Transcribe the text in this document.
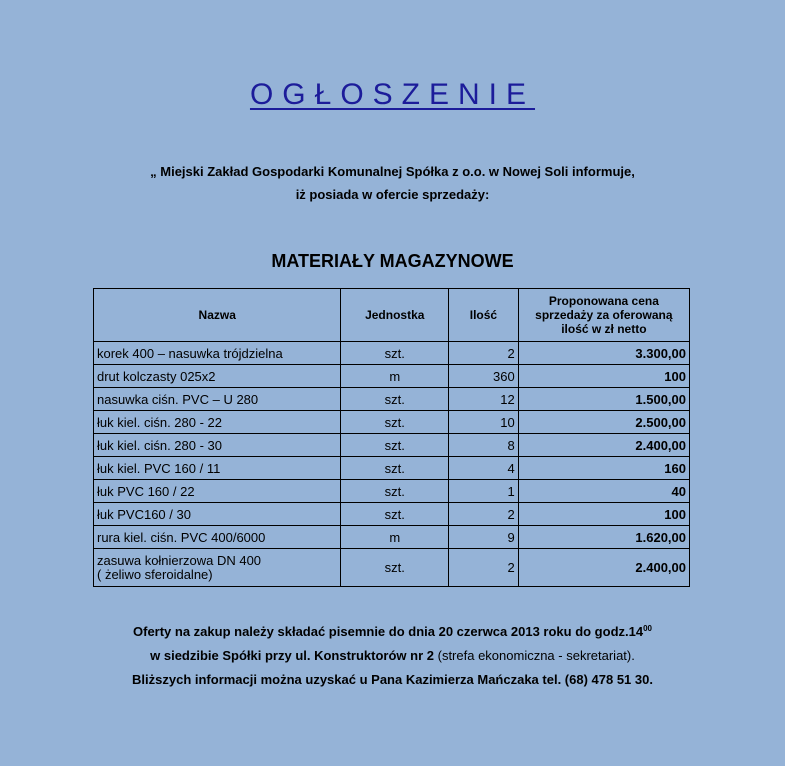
OGŁOSZENIE
„ Miejski Zakład Gospodarki Komunalnej Spółka z o.o. w Nowej Soli informuje,
iż posiada w ofercie sprzedaży:
MATERIAŁY MAGAZYNOWE
Nazwa	Jednostka	Ilość	Proponowana cena
sprzedaży za oferowaną
ilość w zł netto

korek 400 – nasuwka trójdzielna	szt.	2	3.300,00
drut kolczasty 025x2	m	360	100
nasuwka ciśn. PVC – U 280	szt.	12	1.500,00
łuk kiel. ciśn. 280 - 22	szt.	10	2.500,00
łuk kiel. ciśn. 280 - 30	szt.	8	2.400,00
łuk kiel. PVC 160 / 11	szt.	4	160
łuk PVC 160 / 22	szt.	1	40
łuk PVC160 / 30	szt.	2	100
rura kiel. ciśn. PVC 400/6000	m	9	1.620,00

zasuwa kołnierzowa DN 400
( żeliwo sferoidalne)	szt.	2	2.400,00
Oferty na zakup należy składać pisemnie do dnia 20 czerwca 2013 roku do $godz.14^{00}$
w siedzibie Spółki przy ul. Konstruktorów nr 2 (strefa ekonomiczna - sekretariat).
Bliższych informacji można uzyskać u Pana Kazimierza Mańczaka tel. (68) 478 51 30.
